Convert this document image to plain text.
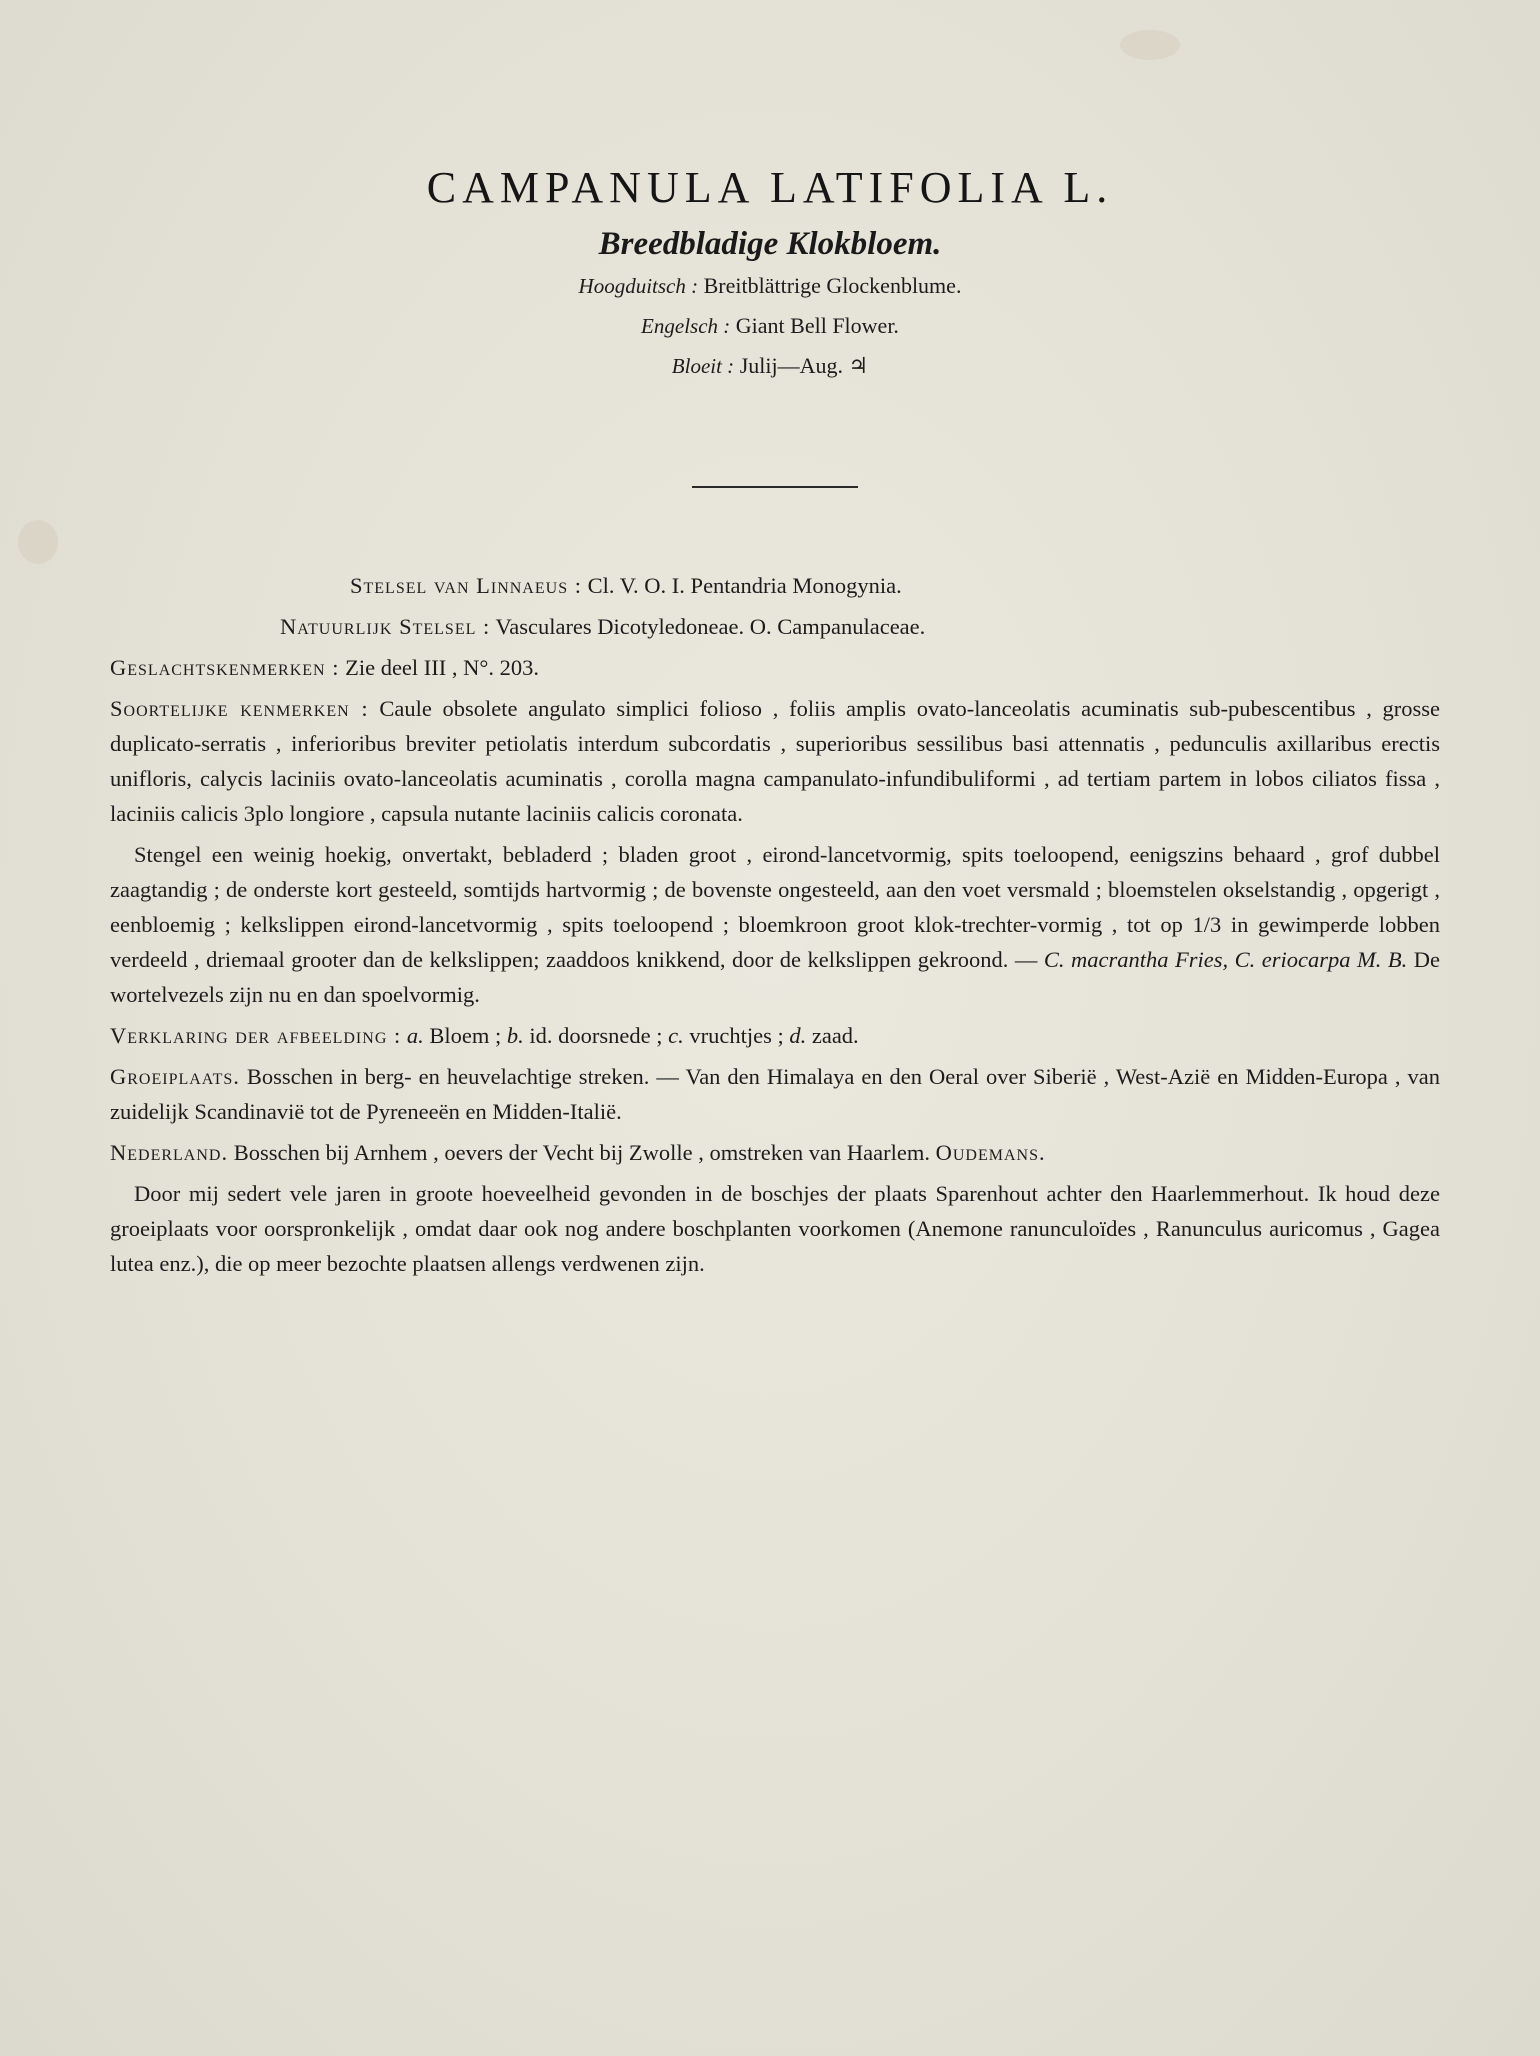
CAMPANULA LATIFOLIA L.
Breedbladige Klokbloem.
Hoogduitsch : Breitblättrige Glockenblume.
Engelsch : Giant Bell Flower.
Bloeit : Julij—Aug. ♃

Stelsel van Linnaeus : Cl. V. O. I. Pentandria Monogynia.

Natuurlijk Stelsel : Vasculares Dicotyledoneae. O. Campanulaceae.

Geslachtskenmerken : Zie deel III , N°. 203.

Soortelijke kenmerken : Caule obsolete angulato simplici folioso , foliis amplis ovato-lanceolatis acuminatis sub-pubescentibus , grosse duplicato-serratis , inferioribus breviter petiolatis interdum subcordatis , superioribus sessilibus basi attennatis , pedunculis axillaribus erectis unifloris, calycis laciniis ovato-lanceolatis acuminatis , corolla magna campanulato-infundibuliformi , ad tertiam partem in lobos ciliatos fissa , laciniis calicis 3plo longiore , capsula nutante laciniis calicis coronata.

Stengel een weinig hoekig, onvertakt, bebladerd ; bladen groot , eirond-lancetvormig, spits toeloopend, eenigszins behaard , grof dubbel zaagtandig ; de onderste kort gesteeld, somtijds hartvormig ; de bovenste ongesteeld, aan den voet versmald ; bloemstelen okselstandig , opgerigt , eenbloemig ; kelkslippen eirond-lancetvormig , spits toeloopend ; bloemkroon groot klok-trechter-vormig , tot op 1/3 in gewimperde lobben verdeeld , driemaal grooter dan de kelkslippen; zaaddoos knikkend, door de kelkslippen gekroond. — C. macrantha Fries, C. eriocarpa M. B. De wortelvezels zijn nu en dan spoelvormig.

Verklaring der afbeelding : a. Bloem ; b. id. doorsnede ; c. vruchtjes ; d. zaad.

Groeiplaats. Bosschen in berg- en heuvelachtige streken. — Van den Himalaya en den Oeral over Siberië , West-Azië en Midden-Europa , van zuidelijk Scandinavië tot de Pyreneeën en Midden-Italië.

Nederland. Bosschen bij Arnhem , oevers der Vecht bij Zwolle , omstreken van Haarlem. Oudemans.

Door mij sedert vele jaren in groote hoeveelheid gevonden in de boschjes der plaats Sparenhout achter den Haarlemmerhout. Ik houd deze groeiplaats voor oorspronkelijk , omdat daar ook nog andere boschplanten voorkomen (Anemone ranunculoïdes , Ranunculus auricomus , Gagea lutea enz.), die op meer bezochte plaatsen allengs verdwenen zijn.
